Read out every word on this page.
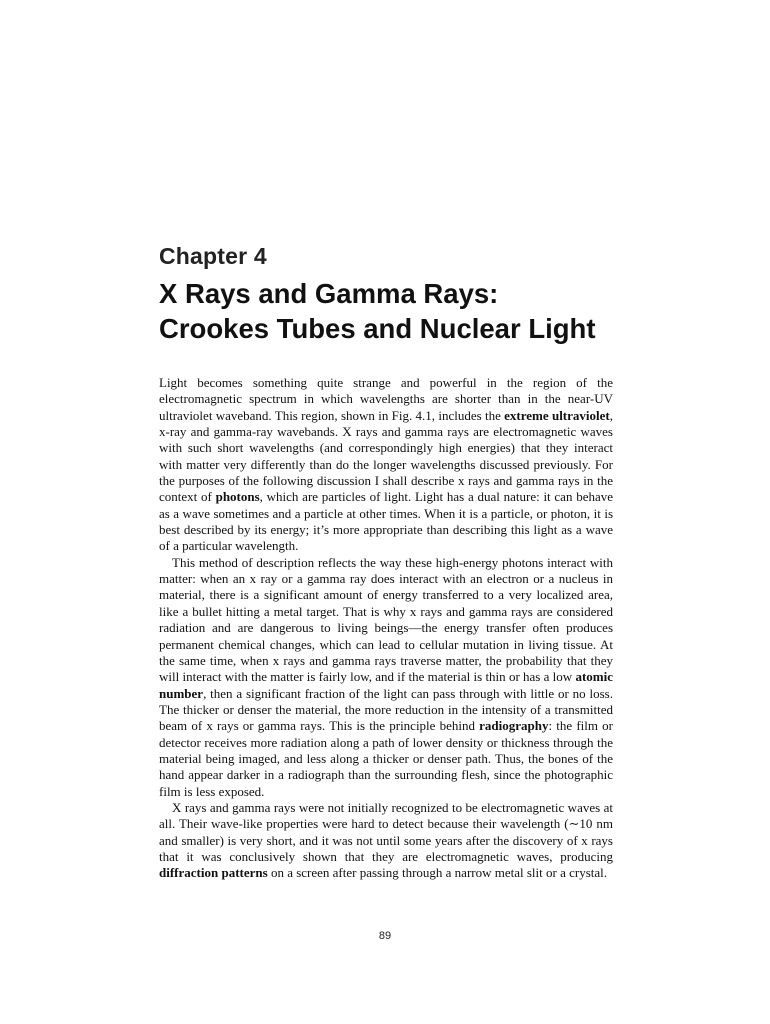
Chapter 4
X Rays and Gamma Rays:
Crookes Tubes and Nuclear Light

Light becomes something quite strange and powerful in the region of the electromagnetic spectrum in which wavelengths are shorter than in the near-UV ultraviolet waveband. This region, shown in Fig. 4.1, includes the extreme ultraviolet, x-ray and gamma-ray wavebands. X rays and gamma rays are electromagnetic waves with such short wavelengths (and correspondingly high energies) that they interact with matter very differently than do the longer wavelengths discussed previously. For the purposes of the following discussion I shall describe x rays and gamma rays in the context of photons, which are particles of light. Light has a dual nature: it can behave as a wave sometimes and a particle at other times. When it is a particle, or photon, it is best described by its energy; it’s more appropriate than describing this light as a wave of a particular wavelength.

This method of description reflects the way these high-energy photons interact with matter: when an x ray or a gamma ray does interact with an electron or a nucleus in material, there is a significant amount of energy transferred to a very localized area, like a bullet hitting a metal target. That is why x rays and gamma rays are considered radiation and are dangerous to living beings—the energy transfer often produces permanent chemical changes, which can lead to cellular mutation in living tissue. At the same time, when x rays and gamma rays traverse matter, the probability that they will interact with the matter is fairly low, and if the material is thin or has a low atomic number, then a significant fraction of the light can pass through with little or no loss. The thicker or denser the material, the more reduction in the intensity of a transmitted beam of x rays or gamma rays. This is the principle behind radiography: the film or detector receives more radiation along a path of lower density or thickness through the material being imaged, and less along a thicker or denser path. Thus, the bones of the hand appear darker in a radiograph than the surrounding flesh, since the photographic film is less exposed.

X rays and gamma rays were not initially recognized to be electromagnetic waves at all. Their wave-like properties were hard to detect because their wavelength (∼10 nm and smaller) is very short, and it was not until some years after the discovery of x rays that it was conclusively shown that they are electromagnetic waves, producing diffraction patterns on a screen after passing through a narrow metal slit or a crystal.

89
